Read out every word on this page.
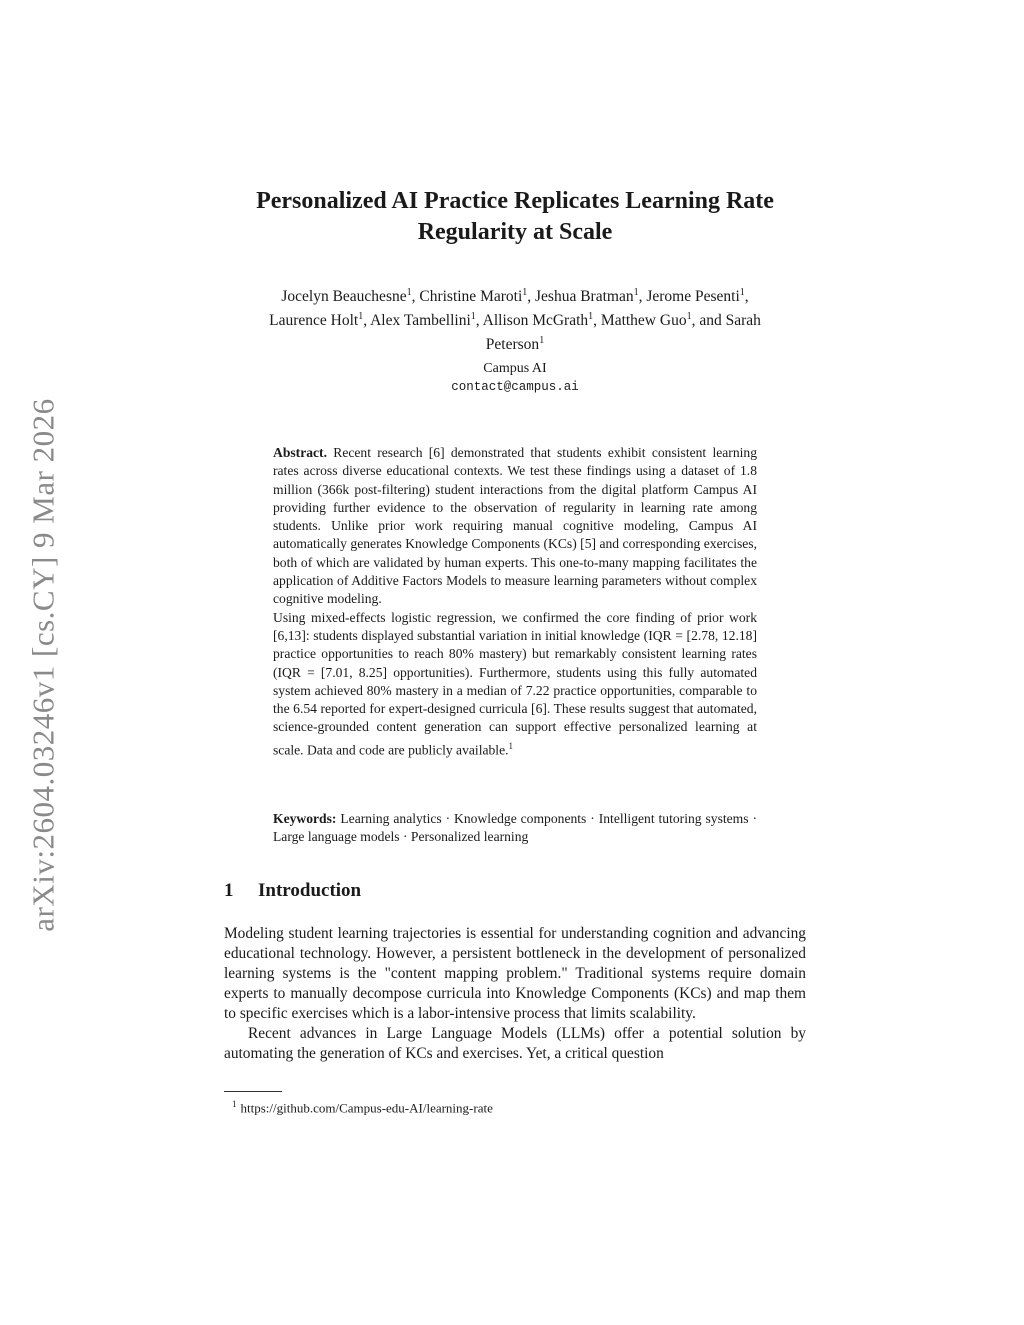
arXiv:2604.03246v1 [cs.CY] 9 Mar 2026
Personalized AI Practice Replicates Learning Rate
Regularity at Scale
Jocelyn Beauchesne$^1$, Christine Maroti$^1$, Jeshua Bratman$^1$, Jerome Pesenti$^1$,
Laurence Holt$^1$, Alex Tambellini$^1$, Allison McGrath$^1$, Matthew Guo$^1$, and Sarah
Peterson$^1$
Campus AI
contact@campus.ai

Abstract. Recent research [6] demonstrated that students exhibit consistent learning rates across diverse educational contexts. We test these findings using a dataset of 1.8 million (366k post-filtering) student interactions from the digital platform Campus AI providing further evidence to the observation of regularity in learning rate among students. Unlike prior work requiring manual cognitive modeling, Campus AI automatically generates Knowledge Components (KCs) [5] and corresponding exercises, both of which are validated by human experts. This one-to-many mapping facilitates the application of Additive Factors Models to measure learning parameters without complex cognitive modeling.

Using mixed-effects logistic regression, we confirmed the core finding of prior work [6,13]: students displayed substantial variation in initial knowledge (IQR = [2.78, 12.18] practice opportunities to reach 80% mastery) but remarkably consistent learning rates (IQR = [7.01, 8.25] opportunities). Furthermore, students using this fully automated system achieved 80% mastery in a median of 7.22 practice opportunities, comparable to the 6.54 reported for expert-designed curricula [6]. These results suggest that automated, science-grounded content generation can support effective personalized learning at scale. Data and code are publicly available.$^1$

Keywords: Learning analytics · Knowledge components · Intelligent tutoring systems · Large language models · Personalized learning
1 Introduction

Modeling student learning trajectories is essential for understanding cognition and advancing educational technology. However, a persistent bottleneck in the development of personalized learning systems is the "content mapping problem." Traditional systems require domain experts to manually decompose curricula into Knowledge Components (KCs) and map them to specific exercises which is a labor-intensive process that limits scalability.

Recent advances in Large Language Models (LLMs) offer a potential solution by automating the generation of KCs and exercises. Yet, a critical question

$^1$ https://github.com/Campus-edu-AI/learning-rate
